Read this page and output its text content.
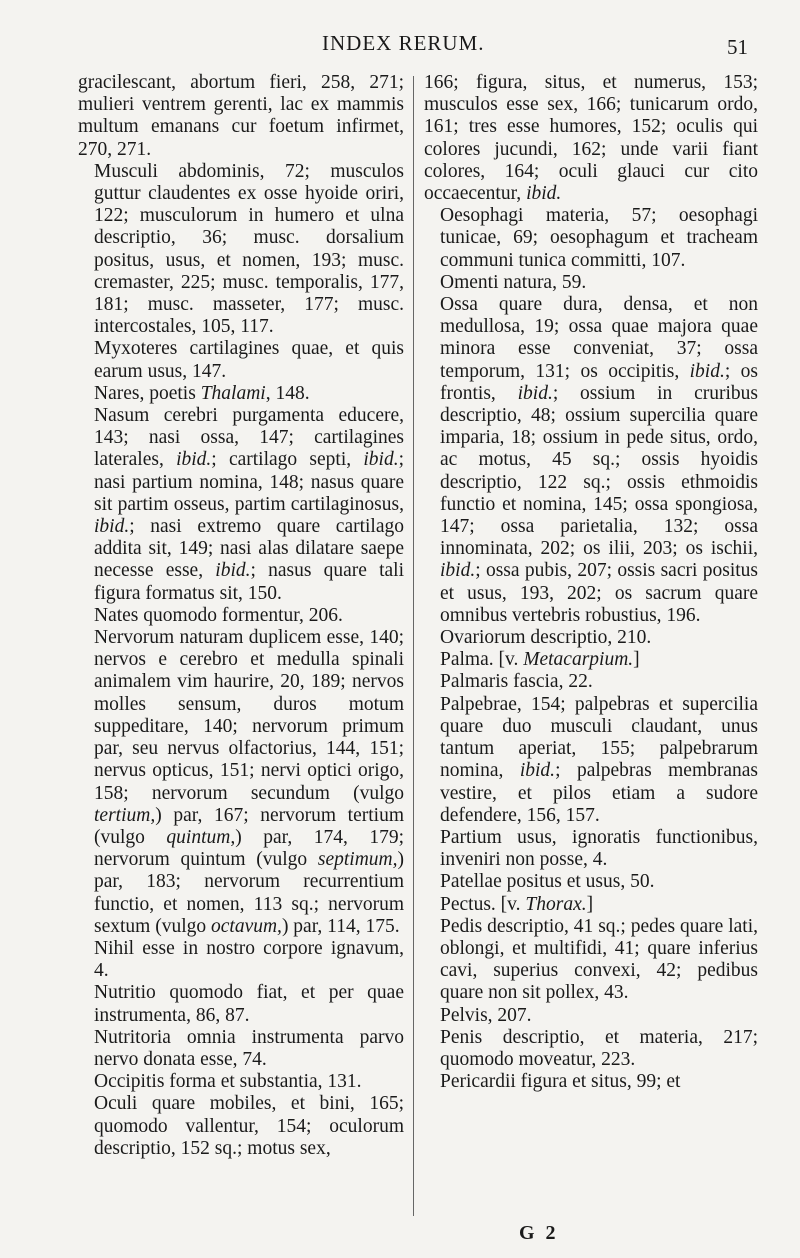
INDEX RERUM.	51

gracilescant, abortum fieri, 258, 271; mulieri ventrem gerenti, lac ex mammis multum emanans cur foetum infirmet, 270, 271.

Musculi abdominis, 72; musculos guttur claudentes ex osse hyoide oriri, 122; musculorum in humero et ulna descriptio, 36; musc. dorsalium positus, usus, et nomen, 193; musc. cremaster, 225; musc. temporalis, 177, 181; musc. masseter, 177; musc. intercostales, 105, 117.

Myxoteres cartilagines quae, et quis earum usus, 147.

Nares, poetis Thalami, 148.

Nasum cerebri purgamenta educere, 143; nasi ossa, 147; cartilagines laterales, ibid.; cartilago septi, ibid.; nasi partium nomina, 148; nasus quare sit partim osseus, partim cartilaginosus, ibid.; nasi extremo quare cartilago addita sit, 149; nasi alas dilatare saepe necesse esse, ibid.; nasus quare tali figura formatus sit, 150.

Nates quomodo formentur, 206.

Nervorum naturam duplicem esse, 140; nervos e cerebro et medulla spinali animalem vim haurire, 20, 189; nervos molles sensum, duros motum suppeditare, 140; nervorum primum par, seu nervus olfactorius, 144, 151; nervus opticus, 151; nervi optici origo, 158; nervorum secundum (vulgo tertium,) par, 167; nervorum tertium (vulgo quintum,) par, 174, 179; nervorum quintum (vulgo septimum,) par, 183; nervorum recurrentium functio, et nomen, 113 sq.; nervorum sextum (vulgo octavum,) par, 114, 175.

Nihil esse in nostro corpore ignavum, 4.

Nutritio quomodo fiat, et per quae instrumenta, 86, 87.

Nutritoria omnia instrumenta parvo nervo donata esse, 74.

Occipitis forma et substantia, 131.

Oculi quare mobiles, et bini, 165; quomodo vallentur, 154; oculorum descriptio, 152 sq.; motus sex,

166; figura, situs, et numerus, 153; musculos esse sex, 166; tunicarum ordo, 161; tres esse humores, 152; oculis qui colores jucundi, 162; unde varii fiant colores, 164; oculi glauci cur cito occaecentur, ibid.

Oesophagi materia, 57; oesophagi tunicae, 69; oesophagum et tracheam communi tunica committi, 107.

Omenti natura, 59.

Ossa quare dura, densa, et non medullosa, 19; ossa quae majora quae minora esse conveniat, 37; ossa temporum, 131; os occipitis, ibid.; os frontis, ibid.; ossium in cruribus descriptio, 48; ossium supercilia quare imparia, 18; ossium in pede situs, ordo, ac motus, 45 sq.; ossis hyoidis descriptio, 122 sq.; ossis ethmoidis functio et nomina, 145; ossa spongiosa, 147; ossa parietalia, 132; ossa innominata, 202; os ilii, 203; os ischii, ibid.; ossa pubis, 207; ossis sacri positus et usus, 193, 202; os sacrum quare omnibus vertebris robustius, 196.

Ovariorum descriptio, 210.

Palma. [v. Metacarpium.]

Palmaris fascia, 22.

Palpebrae, 154; palpebras et supercilia quare duo musculi claudant, unus tantum aperiat, 155; palpebrarum nomina, ibid.; palpebras membranas vestire, et pilos etiam a sudore defendere, 156, 157.

Partium usus, ignoratis functionibus, inveniri non posse, 4.

Patellae positus et usus, 50.

Pectus. [v. Thorax.]

Pedis descriptio, 41 sq.; pedes quare lati, oblongi, et multifidi, 41; quare inferius cavi, superius convexi, 42; pedibus quare non sit pollex, 43.

Pelvis, 207.

Penis descriptio, et materia, 217; quomodo moveatur, 223.

Pericardii figura et situs, 99; et

G 2
